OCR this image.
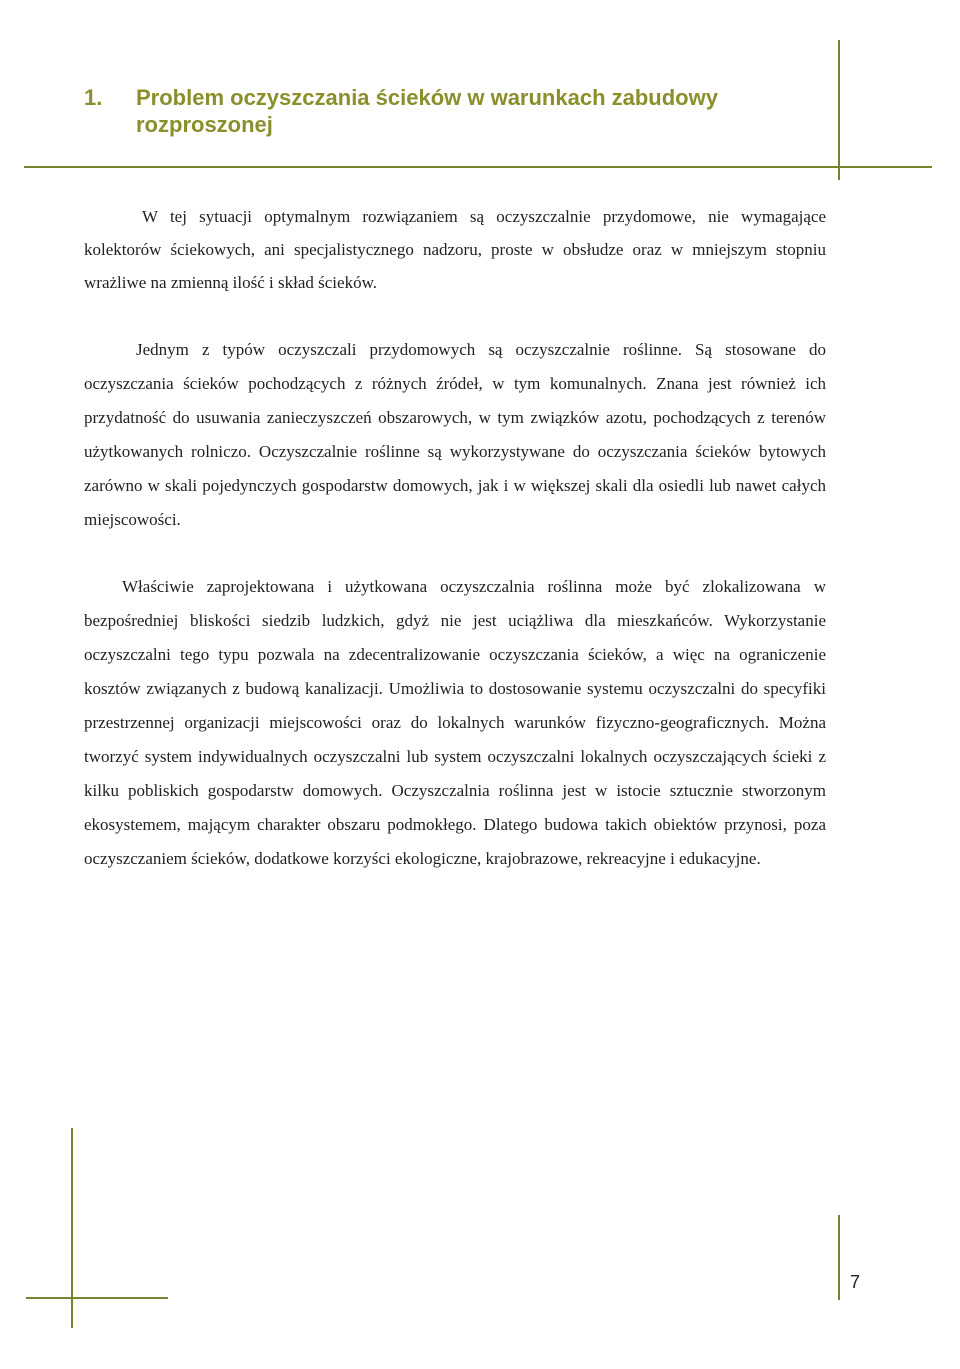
1.	Problem oczyszczania ścieków w warunkach zabudowy rozproszonej

W tej sytuacji optymalnym rozwiązaniem są oczyszczalnie przydomowe, nie wymagające kolektorów ściekowych, ani specjalistycznego nadzoru, proste w obsłudze oraz w mniejszym stopniu wrażliwe na zmienną ilość i skład ścieków.

Jednym z typów oczyszczali przydomowych są oczyszczalnie roślinne. Są stosowane do oczyszczania ścieków pochodzących z różnych źródeł, w tym komunalnych. Znana jest również ich przydatność do usuwania zanieczyszczeń obszarowych, w tym związków azotu, pochodzących z terenów użytkowanych rolniczo. Oczyszczalnie roślinne są wykorzystywane do oczyszczania ścieków bytowych zarówno w skali pojedynczych gospodarstw domowych, jak i w większej skali dla osiedli lub nawet całych miejscowości.

Właściwie zaprojektowana i użytkowana oczyszczalnia roślinna może być zlokalizowana w bezpośredniej bliskości siedzib ludzkich, gdyż nie jest uciążliwa dla mieszkańców. Wykorzystanie oczyszczalni tego typu pozwala na zdecentralizowanie oczyszczania ścieków, a więc na ograniczenie kosztów związanych z budową kanalizacji. Umożliwia to dostosowanie systemu oczyszczalni do specyfiki przestrzennej organizacji miejscowości oraz do lokalnych warunków fizyczno-geograficznych. Można tworzyć system indywidualnych oczyszczalni lub system oczyszczalni lokalnych oczyszczających ścieki z kilku pobliskich gospodarstw domowych. Oczyszczalnia roślinna jest w istocie sztucznie stworzonym ekosystemem, mającym charakter obszaru podmokłego. Dlatego budowa takich obiektów przynosi, poza oczyszczaniem ścieków, dodatkowe korzyści ekologiczne, krajobrazowe, rekreacyjne i edukacyjne.

7
